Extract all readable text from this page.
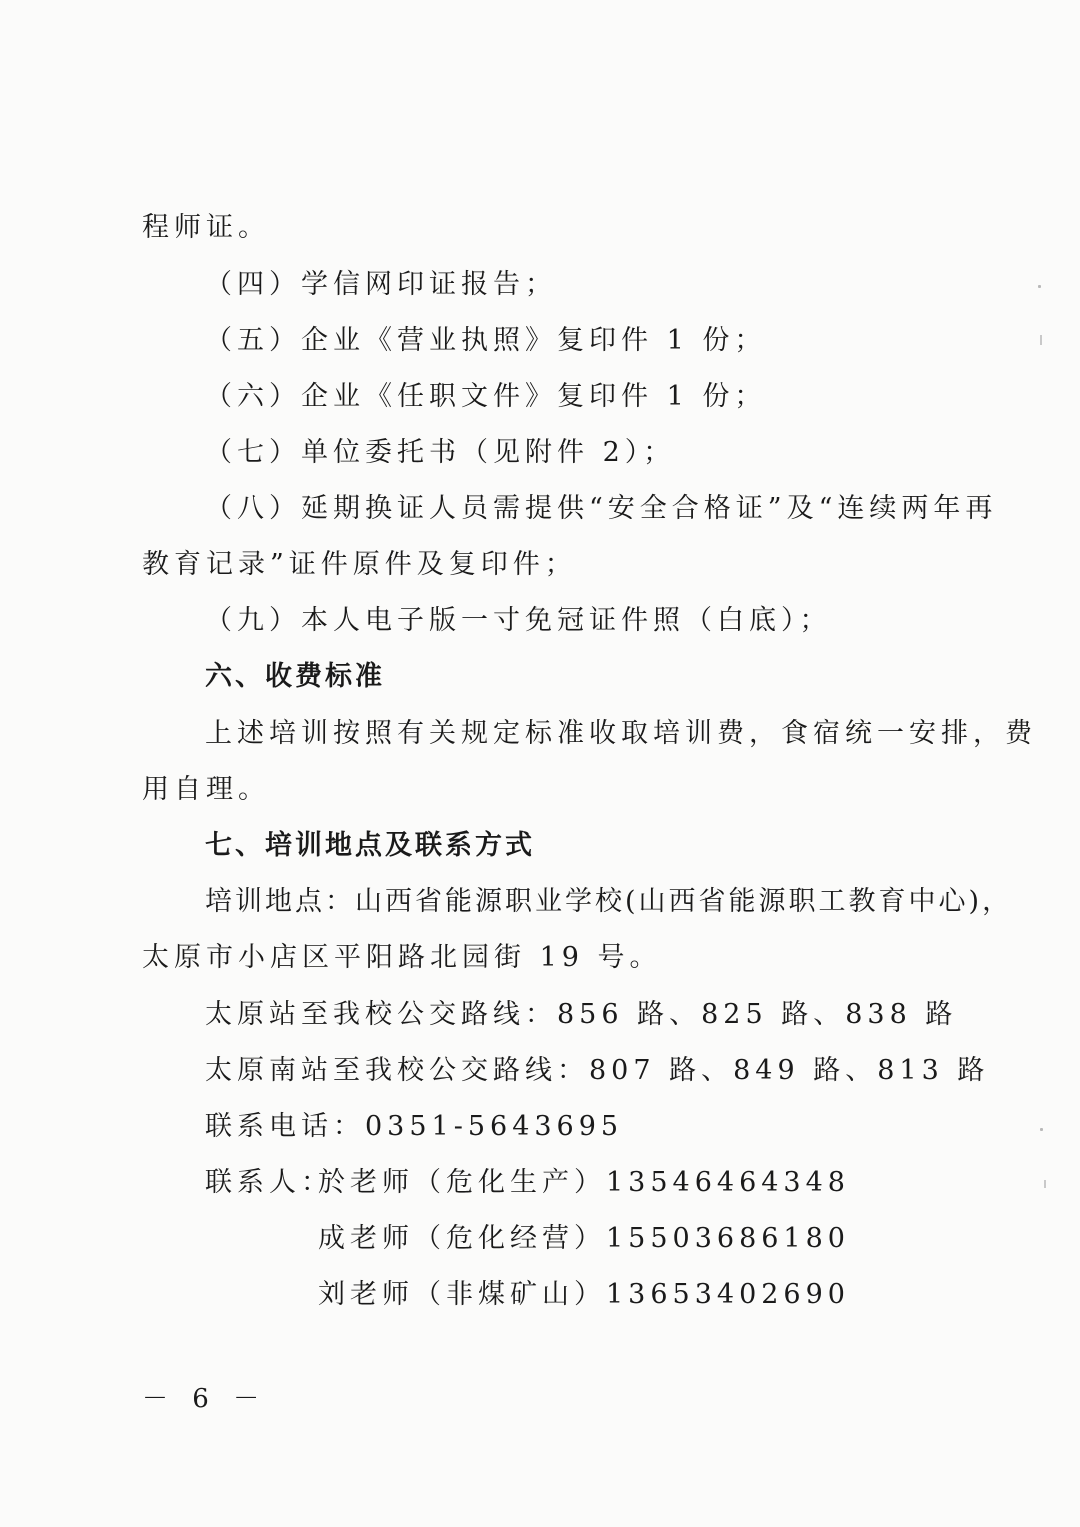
程师证。
（四）学信网印证报告；
（五）企业《营业执照》复印件 1 份；
（六）企业《任职文件》复印件 1 份；
（七）单位委托书（见附件 2）；
（八）延期换证人员需提供“安全合格证”及“连续两年再
教育记录”证件原件及复印件；
（九）本人电子版一寸免冠证件照（白底）；
六、收费标准
上述培训按照有关规定标准收取培训费，食宿统一安排，费
用自理。
七、培训地点及联系方式
培训地点：山西省能源职业学校(山西省能源职工教育中心)，
太原市小店区平阳路北园街 19 号。
太原站至我校公交路线：856 路、825 路、838 路
太原南站至我校公交路线：807 路、849 路、813 路
联系电话：0351-5643695
联系人：
於老师（危化生产）13546464348
成老师（危化经营）15503686180
刘老师（非煤矿山）13653402690
－ 6 －
